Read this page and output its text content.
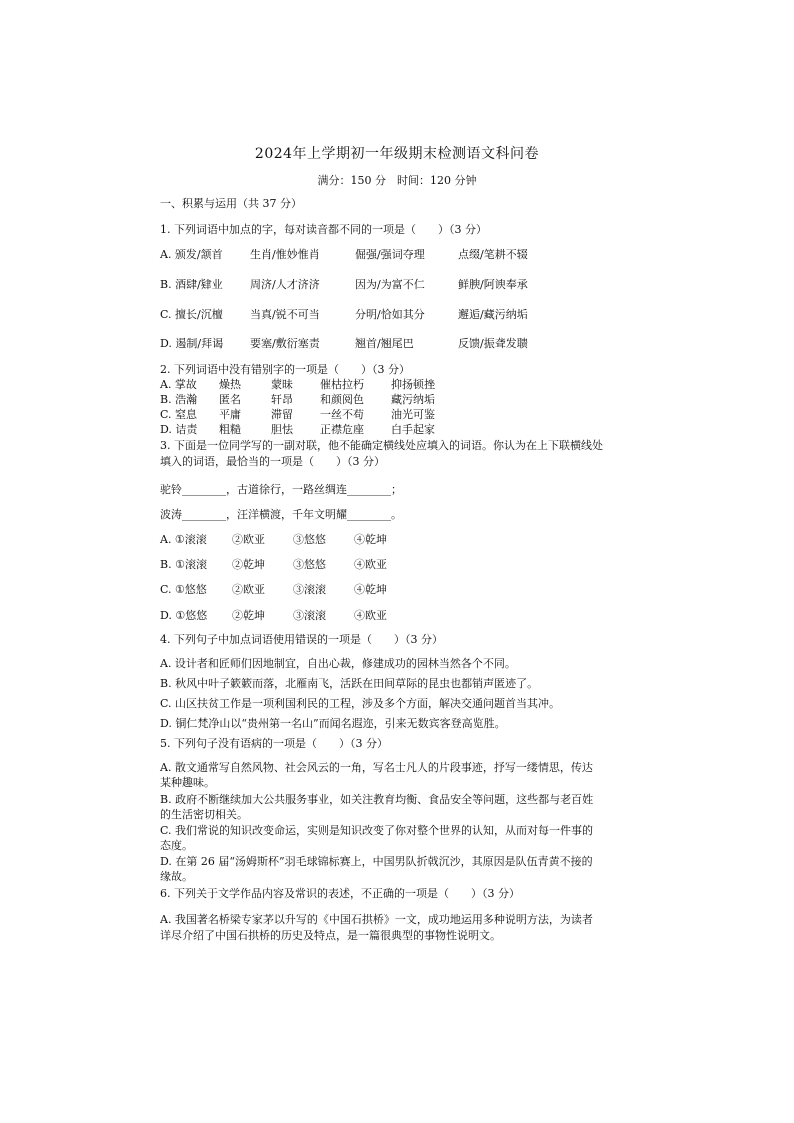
2024年上学期初一年级期末检测语文科问卷
满分：150 分　时间：120 分钟
一、积累与运用（共 37 分）
1. 下列词语中加点的字，每对读音都不同的一项是（　　）（3 分）
A. 颁发/颔首 生肖/惟妙惟肖	倔强/强词夺理	点缀/笔耕不辍
B. 酒肆/肄业 周济/人才济济	因为/为富不仁	鲜腴/阿谀奉承
C. 擅长/沉檀 当真/锐不可当	分明/恰如其分	邂逅/藏污纳垢
D. 遏制/拜谒 要塞/敷衍塞责	翘首/翘尾巴	反馈/振聋发聩
2. 下列词语中没有错别字的一项是（　　）（3 分）
A. 掌故 燥热	蒙昧 催枯拉朽 抑扬顿挫
B. 浩瀚 匿名	轩昂 和颜阅色 藏污纳垢
C. 窒息 平庸	滞留 一丝不苟 油光可鉴
D. 诘责 粗糙	胆怯 正襟危座 白手起家
3. 下面是一位同学写的一副对联，他不能确定横线处应填入的词语。你认为在上下联横线处
填入的词语，最恰当的一项是（　　）（3 分）
驼铃________，古道徐行，一路丝绸连________；
波涛________，汪洋横渡，千年文明耀________。
A. ①滚滚 ②欧亚	③悠悠	④乾坤
B. ①滚滚 ②乾坤	③悠悠	④欧亚
C. ①悠悠 ②欧亚	③滚滚	④乾坤
D. ①悠悠 ②乾坤	③滚滚	④欧亚
4. 下列句子中加点词语使用错误的一项是（　　）（3 分）
A. 设计者和匠师们因地制宜，自出心裁，修建成功的园林当然各个不同。
B. 秋风中叶子簌簌而落，北雁南飞，活跃在田间草际的昆虫也都销声匿迹了。
C. 山区扶贫工作是一项利国利民的工程，涉及多个方面，解决交通问题首当其冲。
D. 铜仁梵净山以“贵州第一名山”而闻名遐迩，引来无数宾客登高览胜。
5. 下列句子没有语病的一项是（　　）（3 分）
A. 散文通常写自然风物、社会风云的一角，写名士凡人的片段事迹，抒写一缕情思，传达
某种趣味。
B. 政府不断继续加大公共服务事业，如关注教育均衡、食品安全等问题，这些都与老百姓
的生活密切相关。
C. 我们常说的知识改变命运，实则是知识改变了你对整个世界的认知，从而对每一件事的
态度。
D. 在第 26 届“汤姆斯杯”羽毛球锦标赛上，中国男队折戟沉沙，其原因是队伍青黄不接的
缘故。
6. 下列关于文学作品内容及常识的表述，不正确的一项是（　　）（3 分）
A. 我国著名桥梁专家茅以升写的《中国石拱桥》一文，成功地运用多种说明方法，为读者
详尽介绍了中国石拱桥的历史及特点，是一篇很典型的事物性说明文。
